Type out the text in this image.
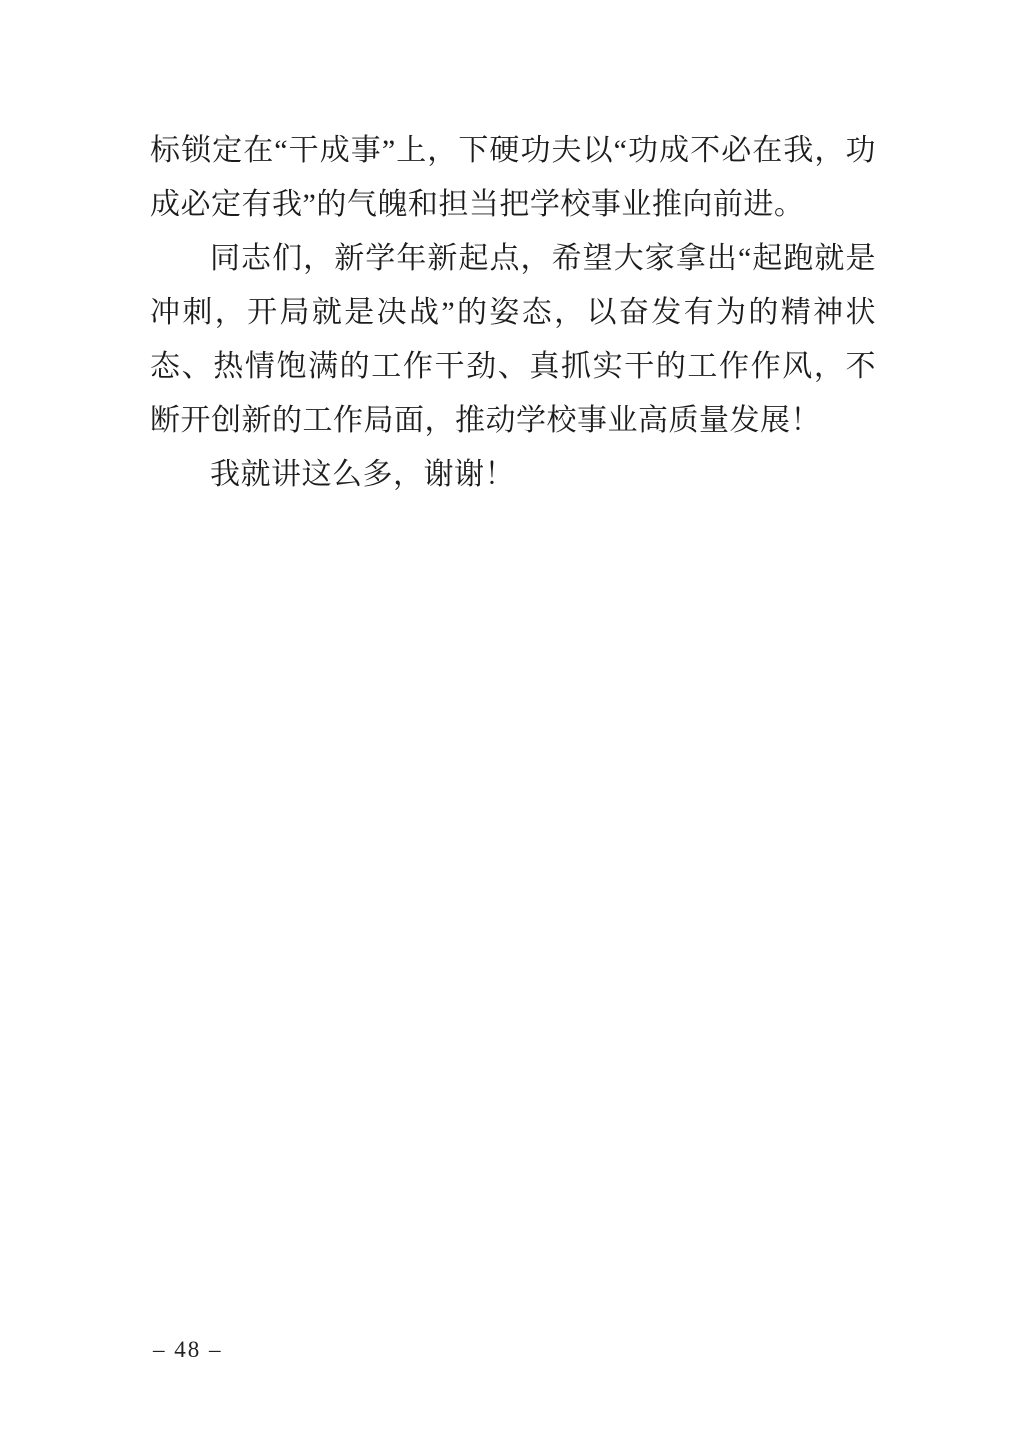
标锁定在“干成事”上，下硬功夫以“功成不必在我，功成必定有我”的气魄和担当把学校事业推向前进。

同志们，新学年新起点，希望大家拿出“起跑就是冲刺，开局就是决战”的姿态，以奋发有为的精神状态、热情饱满的工作干劲、真抓实干的工作作风，不断开创新的工作局面，推动学校事业高质量发展！

我就讲这么多，谢谢！

– 48 –
